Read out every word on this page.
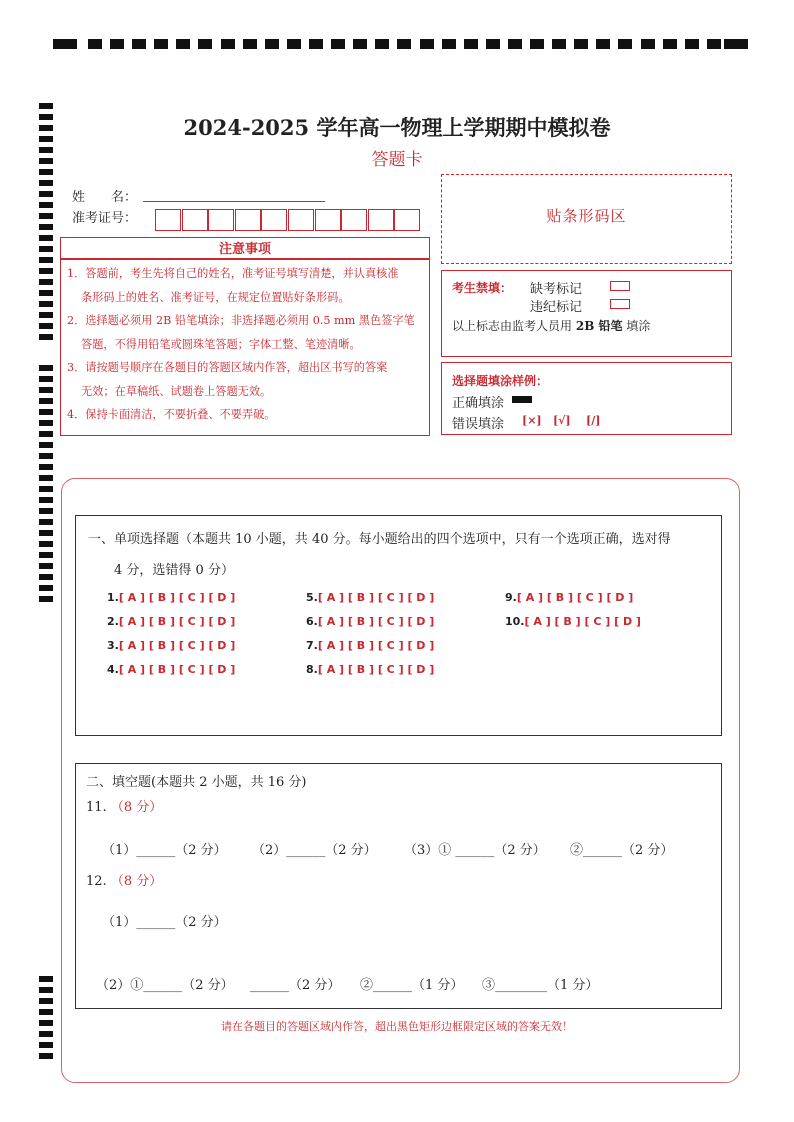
2024-2025 学年高一物理上学期期中模拟卷
答题卡
姓　　名：
准考证号：	贴条形码区
注意事项
1．答题前，考生先将自己的姓名，准考证号填写清楚，并认真核准
条形码上的姓名、准考证号，在规定位置贴好条形码。
2．选择题必须用 2B 铅笔填涂；非选择题必须用 0.5 mm 黑色签字笔
答题，不得用铅笔或圆珠笔答题；字体工整、笔迹清晰。
3．请按题号顺序在各题目的答题区域内作答，超出区书写的答案
无效；在草稿纸、试题卷上答题无效。
4．保持卡面清洁，不要折叠、不要弄破。
考生禁填： 缺考标记
违纪标记
以上标志由监考人员用 2B 铅笔 填涂
选择题填涂样例：
正确填涂
错误填涂 [×] [√] [/]
一、单项选择题（本题共 10 小题，共 40 分。每小题给出的四个选项中，只有一个选项正确，选对得
4 分，选错得 0 分）
1.[ A ] [ B ] [ C ] [ D ]
2.[ A ] [ B ] [ C ] [ D ]
3.[ A ] [ B ] [ C ] [ D ]
4.[ A ] [ B ] [ C ] [ D ]
5.[ A ] [ B ] [ C ] [ D ]
6.[ A ] [ B ] [ C ] [ D ]
7.[ A ] [ B ] [ C ] [ D ]
8.[ A ] [ B ] [ C ] [ D ]
9.[ A ] [ B ] [ C ] [ D ]
10.[ A ] [ B ] [ C ] [ D ]
二、填空题(本题共 2 小题，共 16 分)
11. （8 分）
（1）______（2 分） （2）______（2 分） （3）① ______（2 分） ②______（2 分）
12. （8 分）
（1）______（2 分）
（2）①______（2 分） ______（2 分） ②______（1 分） ③________（1 分）
请在各题目的答题区域内作答，超出黑色矩形边框限定区域的答案无效！
